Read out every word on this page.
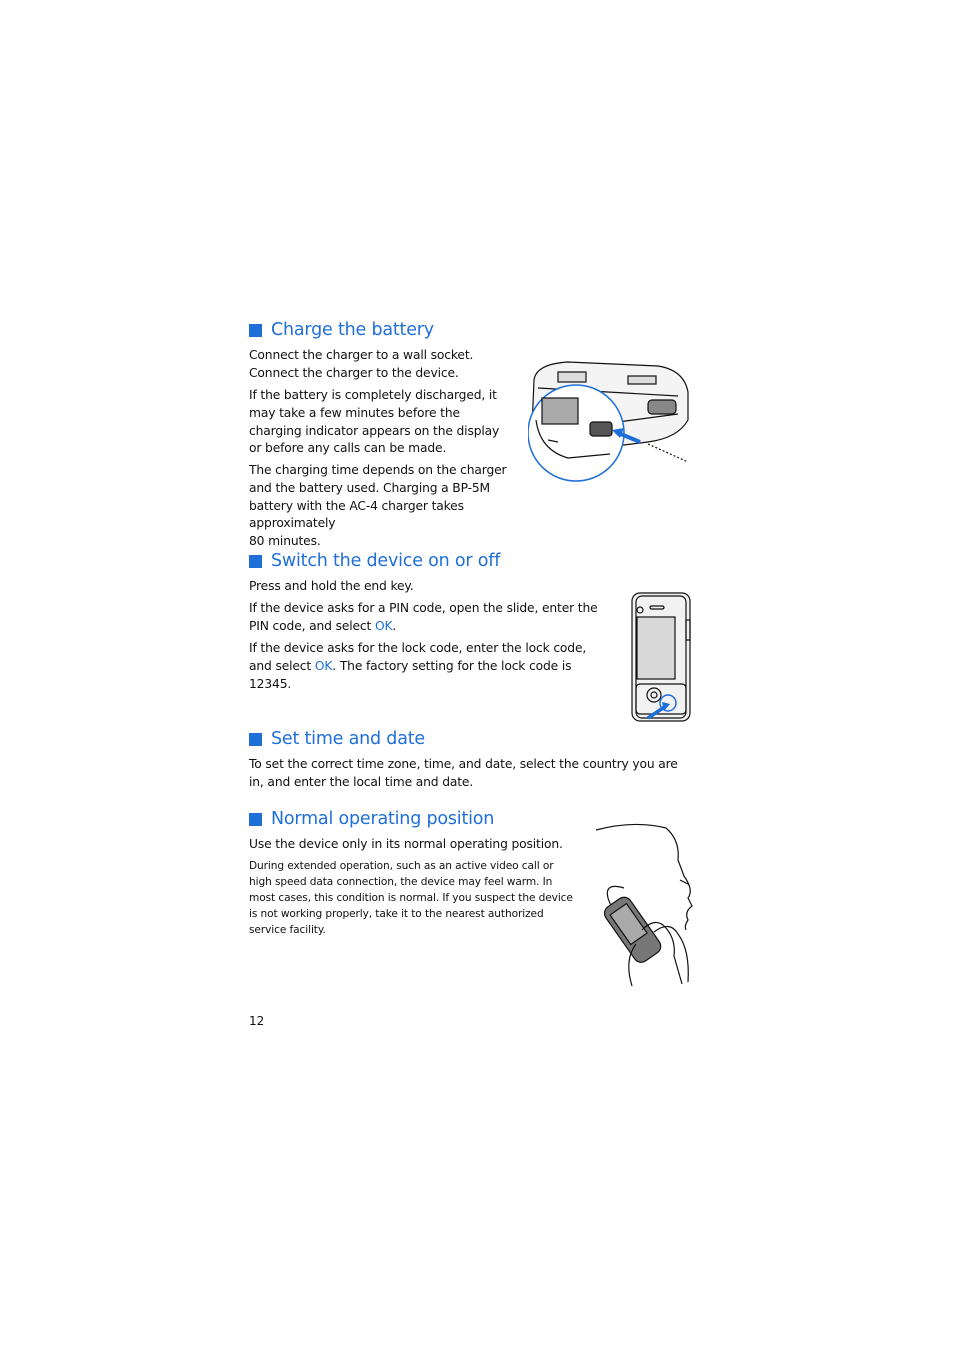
Charge the battery
Connect the charger to a wall socket. Connect the charger to the device.
If the battery is completely discharged, it may take a few minutes before the charging indicator appears on the display or before any calls can be made.
The charging time depends on the charger and the battery used. Charging a BP-5M battery with the AC-4 charger takes approximately
80 minutes.
Switch the device on or off
Press and hold the end key.
If the device asks for a PIN code, open the slide, enter the PIN code, and select OK.
If the device asks for the lock code, enter the lock code, and select OK. The factory setting for the lock code is 12345.
Set time and date
To set the correct time zone, time, and date, select the country you are in, and enter the local time and date.
Normal operating position
Use the device only in its normal operating position.
During extended operation, such as an active video call or high speed data connection, the device may feel warm. In most cases, this condition is normal. If you suspect the device is not working properly, take it to the nearest authorized service facility.
12
